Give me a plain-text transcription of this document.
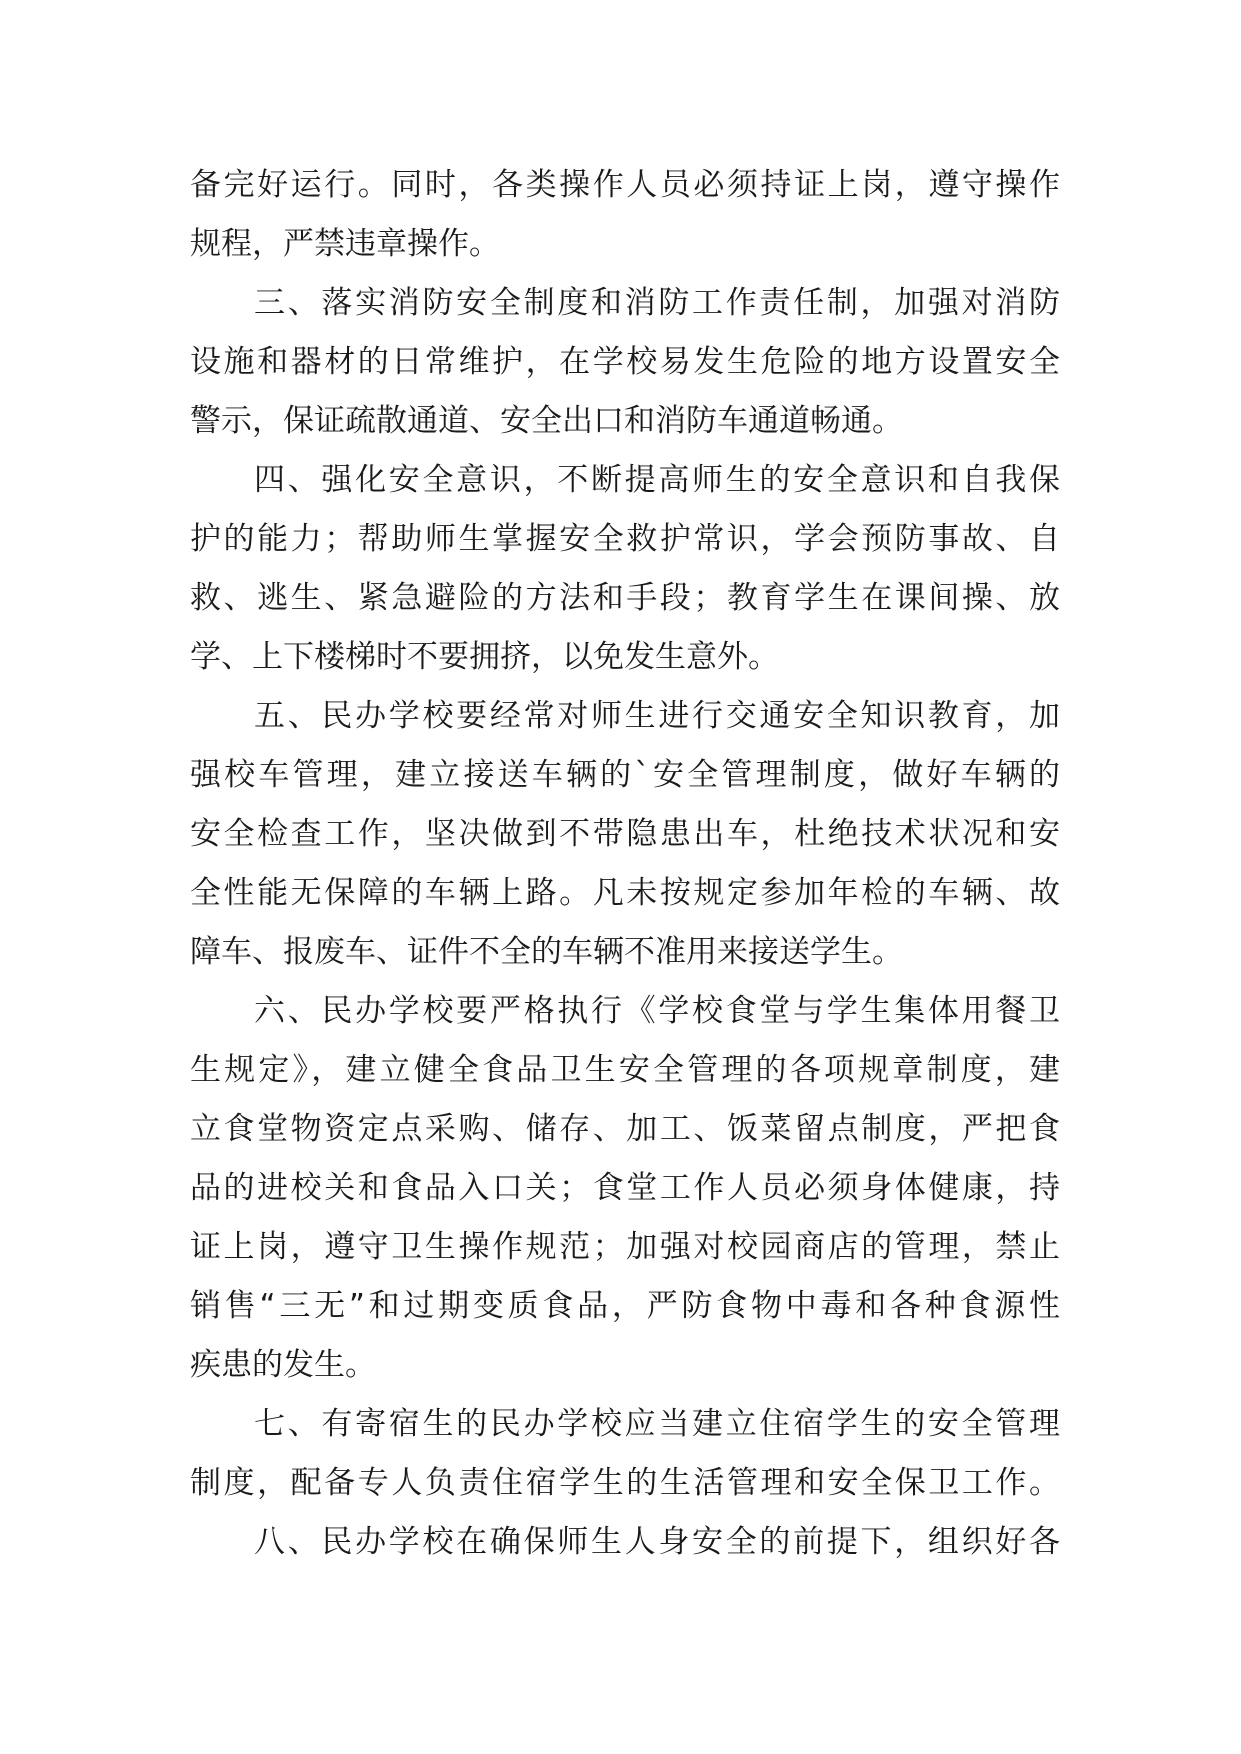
备完好运行。同时，各类操作人员必须持证上岗，遵守操作
规程，严禁违章操作。
三、落实消防安全制度和消防工作责任制，加强对消防
设施和器材的日常维护，在学校易发生危险的地方设置安全
警示，保证疏散通道、安全出口和消防车通道畅通。
四、强化安全意识，不断提高师生的安全意识和自我保
护的能力；帮助师生掌握安全救护常识，学会预防事故、自
救、逃生、紧急避险的方法和手段；教育学生在课间操、放
学、上下楼梯时不要拥挤，以免发生意外。
五、民办学校要经常对师生进行交通安全知识教育，加
强校车管理，建立接送车辆的`安全管理制度，做好车辆的
安全检查工作，坚决做到不带隐患出车，杜绝技术状况和安
全性能无保障的车辆上路。凡未按规定参加年检的车辆、故
障车、报废车、证件不全的车辆不准用来接送学生。
六、民办学校要严格执行《学校食堂与学生集体用餐卫
生规定》，建立健全食品卫生安全管理的各项规章制度，建
立食堂物资定点采购、储存、加工、饭菜留点制度，严把食
品的进校关和食品入口关；食堂工作人员必须身体健康，持
证上岗，遵守卫生操作规范；加强对校园商店的管理，禁止
销售“三无”和过期变质食品，严防食物中毒和各种食源性
疾患的发生。
七、有寄宿生的民办学校应当建立住宿学生的安全管理
制度，配备专人负责住宿学生的生活管理和安全保卫工作。
八、民办学校在确保师生人身安全的前提下，组织好各
